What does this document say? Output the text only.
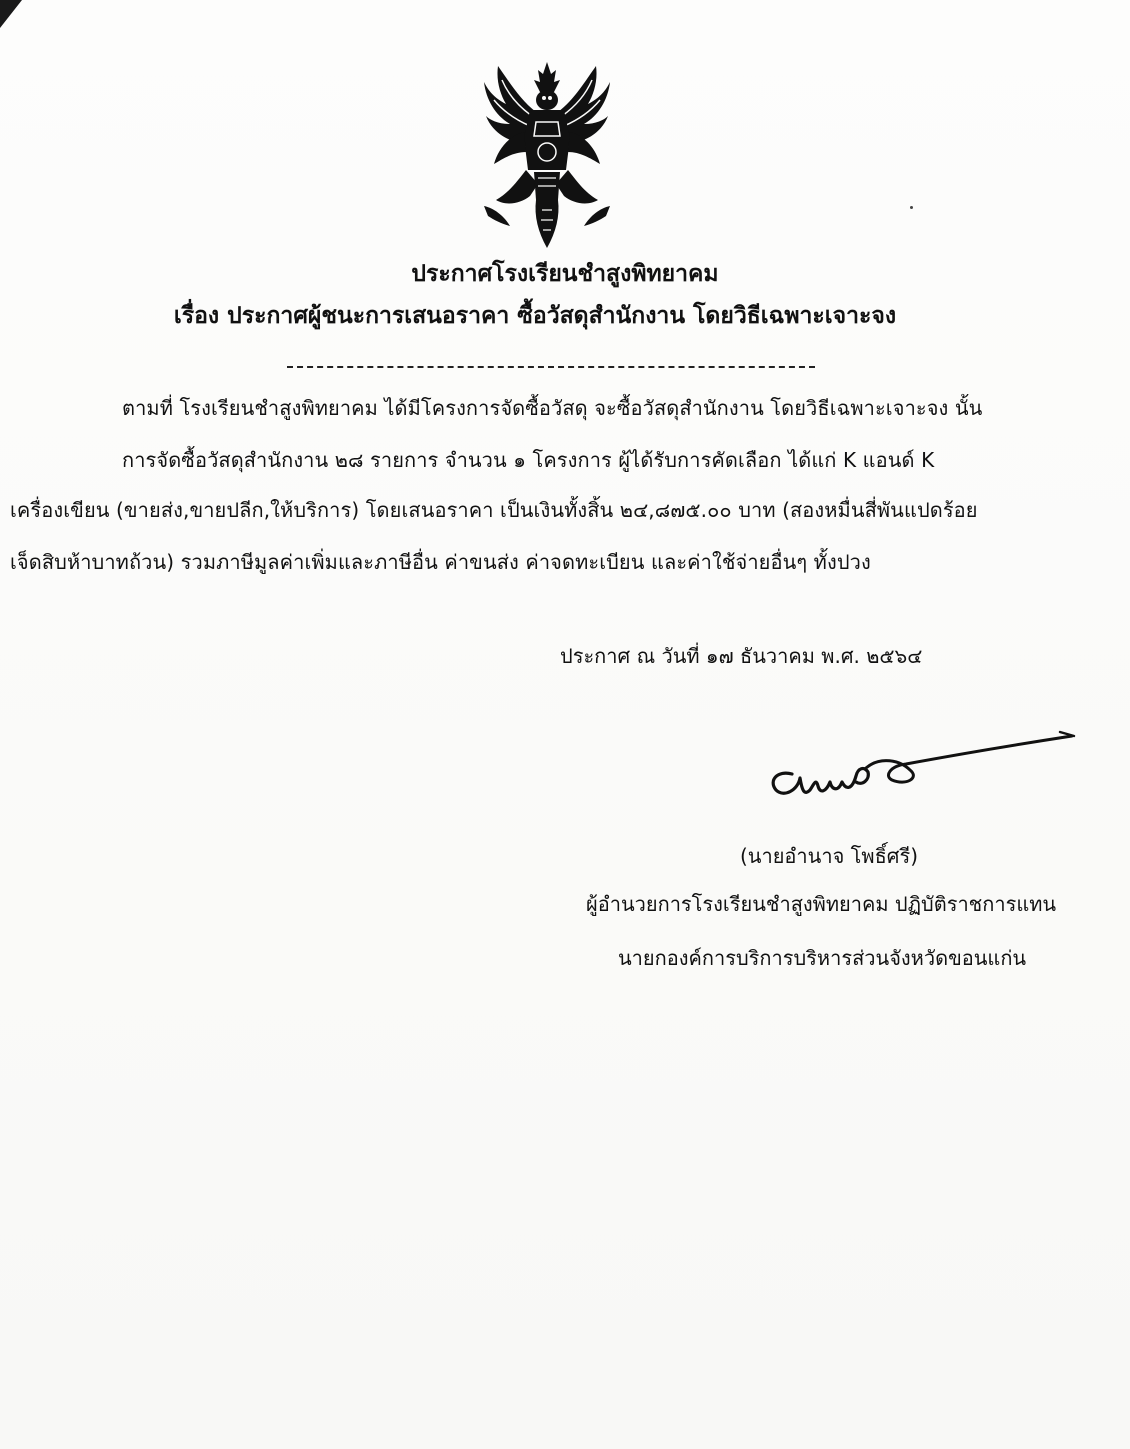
ประกาศโรงเรียนชำสูงพิทยาคม
เรื่อง ประกาศผู้ชนะการเสนอราคา ซื้อวัสดุสำนักงาน โดยวิธีเฉพาะเจาะจง
ตามที่ โรงเรียนชำสูงพิทยาคม ได้มีโครงการจัดซื้อวัสดุ จะซื้อวัสดุสำนักงาน โดยวิธีเฉพาะเจาะจง นั้น
การจัดซื้อวัสดุสำนักงาน ๒๘ รายการ จำนวน ๑ โครงการ ผู้ได้รับการคัดเลือก ได้แก่ K แอนด์ K
เครื่องเขียน (ขายส่ง,ขายปลีก,ให้บริการ) โดยเสนอราคา เป็นเงินทั้งสิ้น ๒๔,๘๗๕.๐๐ บาท (สองหมื่นสี่พันแปดร้อย
เจ็ดสิบห้าบาทถ้วน) รวมภาษีมูลค่าเพิ่มและภาษีอื่น ค่าขนส่ง ค่าจดทะเบียน และค่าใช้จ่ายอื่นๆ ทั้งปวง
ประกาศ ณ วันที่ ๑๗ ธันวาคม พ.ศ. ๒๕๖๔
(นายอำนาจ โพธิ์ศรี)
ผู้อำนวยการโรงเรียนชำสูงพิทยาคม ปฏิบัติราชการแทน
นายกองค์การบริการบริหารส่วนจังหวัดขอนแก่น
